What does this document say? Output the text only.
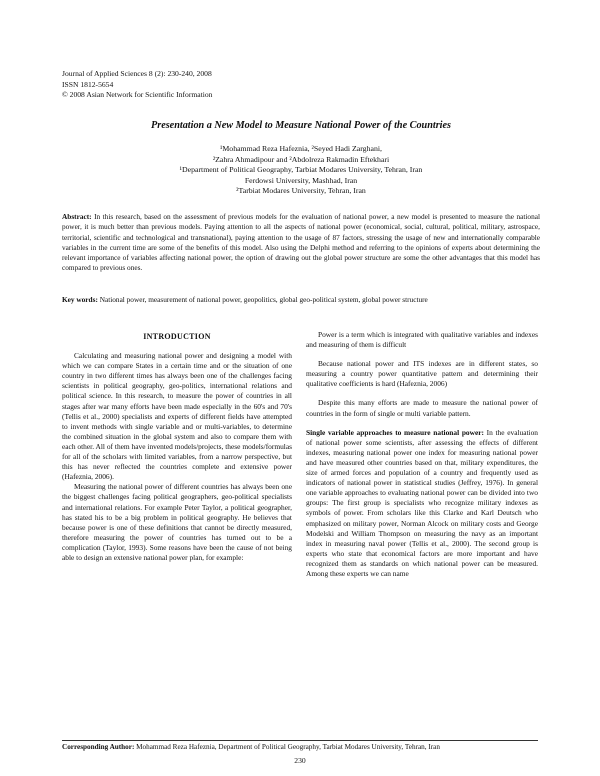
Journal of Applied Sciences 8 (2): 230-240, 2008
ISSN 1812-5654
© 2008 Asian Network for Scientific Information
Presentation a New Model to Measure National Power of the Countries
¹Mohammad Reza Hafeznia, ²Seyed Hadi Zarghani,
²Zahra Ahmadipour and ²Abdolreza Rakmadin Eftekhari
¹Department of Political Geography, Tarbiat Modares University, Tehran, Iran
Ferdowsi University, Mashhad, Iran
²Tarbiat Modares University, Tehran, Iran
Abstract: In this research, based on the assessment of previous models for the evaluation of national power, a new model is presented to measure the national power, it is much better than previous models. Paying attention to all the aspects of national power (economical, social, cultural, political, military, astrospace, territorial, scientific and technological and transnational), paying attention to the usage of 87 factors, stressing the usage of new and internationally comparable variables in the current time are some of the benefits of this model. Also using the Delphi method and referring to the opinions of experts about determining the relevant importance of variables affecting national power, the option of drawing out the global power structure are some the other advantages that this model has compared to previous ones.
Key words: National power, measurement of national power, geopolitics, global geo-political system, global power structure
INTRODUCTION

Calculating and measuring national power and designing a model with which we can compare States in a certain time and or the situation of one country in two different times has always been one of the challenges facing scientists in political geography, geo-politics, international relations and political science. In this research, to measure the power of countries in all stages after war many efforts have been made especially in the 60's and 70's (Tellis et al., 2000) specialists and experts of different fields have attempted to invent methods with single variable and or multi-variables, to determine the combined situation in the global system and also to compare them with each other. All of them have invented models/projects, these models/formulas for all of the scholars with limited variables, from a narrow perspective, but this has never reflected the countries complete and extensive power (Hafeznia, 2006).

Measuring the national power of different countries has always been one the biggest challenges facing political geographers, geo-political specialists and international relations. For example Peter Taylor, a political geographer, has stated his to be a big problem in political geography. He believes that because power is one of these definitions that cannot be directly measured, therefore measuring the power of countries has turned out to be a complication (Taylor, 1993). Some reasons have been the cause of not being able to design an extensive national power plan, for example:

Power is a term which is integrated with qualitative variables and indexes and measuring of them is difficult

Because national power and ITS indexes are in different states, so measuring a country power quantitative pattern and determining their qualitative coefficients is hard (Hafeznia, 2006)

Despite this many efforts are made to measure the national power of countries in the form of single or multi variable pattern.

Single variable approaches to measure national power: In the evaluation of national power some scientists, after assessing the effects of different indexes, measuring national power one index for measuring national power and have measured other countries based on that, military expenditures, the size of armed forces and population of a country and frequently used as indicators of national power in statistical studies (Jeffrey, 1976). In general one variable approaches to evaluating national power can be divided into two groups: The first group is specialists who recognize military indexes as symbols of power. From scholars like this Clarke and Karl Deutsch who emphasized on military power, Norman Alcock on military costs and George Modelski and William Thompson on measuring the navy as an important index in measuring naval power (Tellis et al., 2000). The second group is experts who state that economical factors are more important and have recognized them as standards on which national power can be measured. Among these experts we can name

Corresponding Author: Mohammad Reza Hafeznia, Department of Political Geography, Tarbiat Modares University, Tehran, Iran
230
